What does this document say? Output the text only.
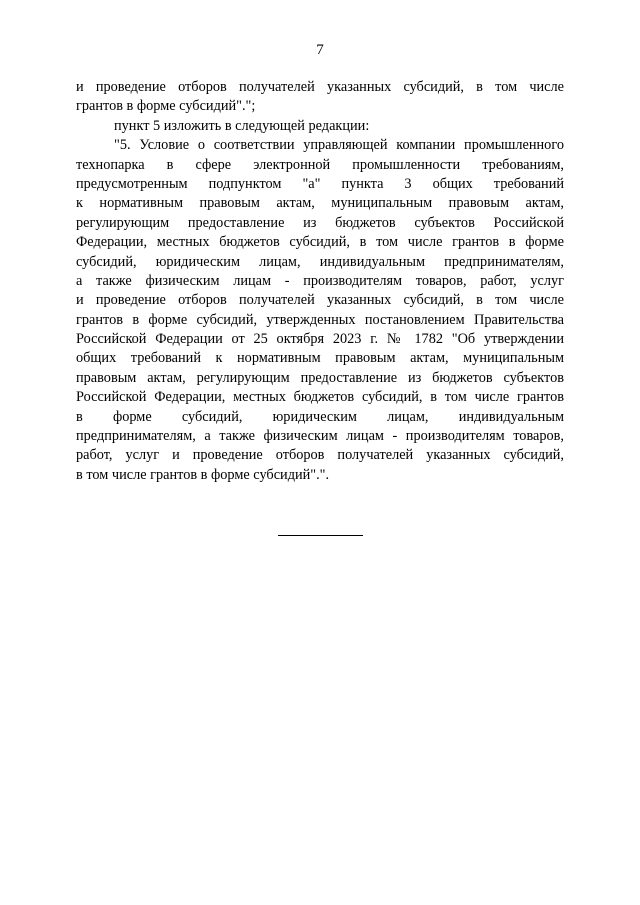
7
и проведение отборов получателей указанных субсидий, в том числе
грантов в форме субсидий".";
пункт 5 изложить в следующей редакции:
"5. Условие о соответствии управляющей компании промышленного
технопарка в сфере электронной промышленности требованиям,
предусмотренным подпунктом "а" пункта 3 общих требований
к нормативным правовым актам, муниципальным правовым актам,
регулирующим предоставление из бюджетов субъектов Российской
Федерации, местных бюджетов субсидий, в том числе грантов в форме
субсидий, юридическим лицам, индивидуальным предпринимателям,
а также физическим лицам - производителям товаров, работ, услуг
и проведение отборов получателей указанных субсидий, в том числе
грантов в форме субсидий, утвержденных постановлением Правительства
Российской Федерации от 25 октября 2023 г. № 1782 "Об утверждении
общих требований к нормативным правовым актам, муниципальным
правовым актам, регулирующим предоставление из бюджетов субъектов
Российской Федерации, местных бюджетов субсидий, в том числе грантов
в форме субсидий, юридическим лицам, индивидуальным
предпринимателям, а также физическим лицам - производителям товаров,
работ, услуг и проведение отборов получателей указанных субсидий,
в том числе грантов в форме субсидий".".
